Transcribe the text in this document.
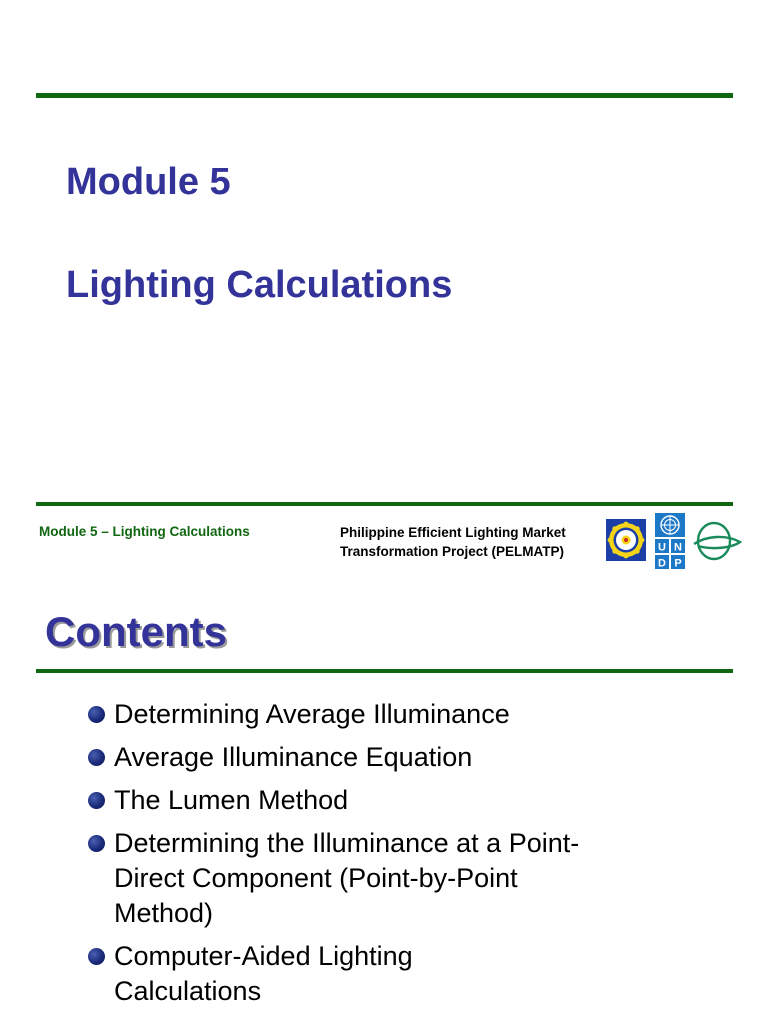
Module 5
Lighting Calculations
Module 5 – Lighting Calculations	Philippine Efficient Lighting Market
Transformation Project (PELMATP)	U N
D P
Contents
Determining Average Illuminance
Average Illuminance Equation
The Lumen Method
Determining the Illuminance at a Point-Direct Component (Point-by-Point Method)
Computer-Aided Lighting Calculations
